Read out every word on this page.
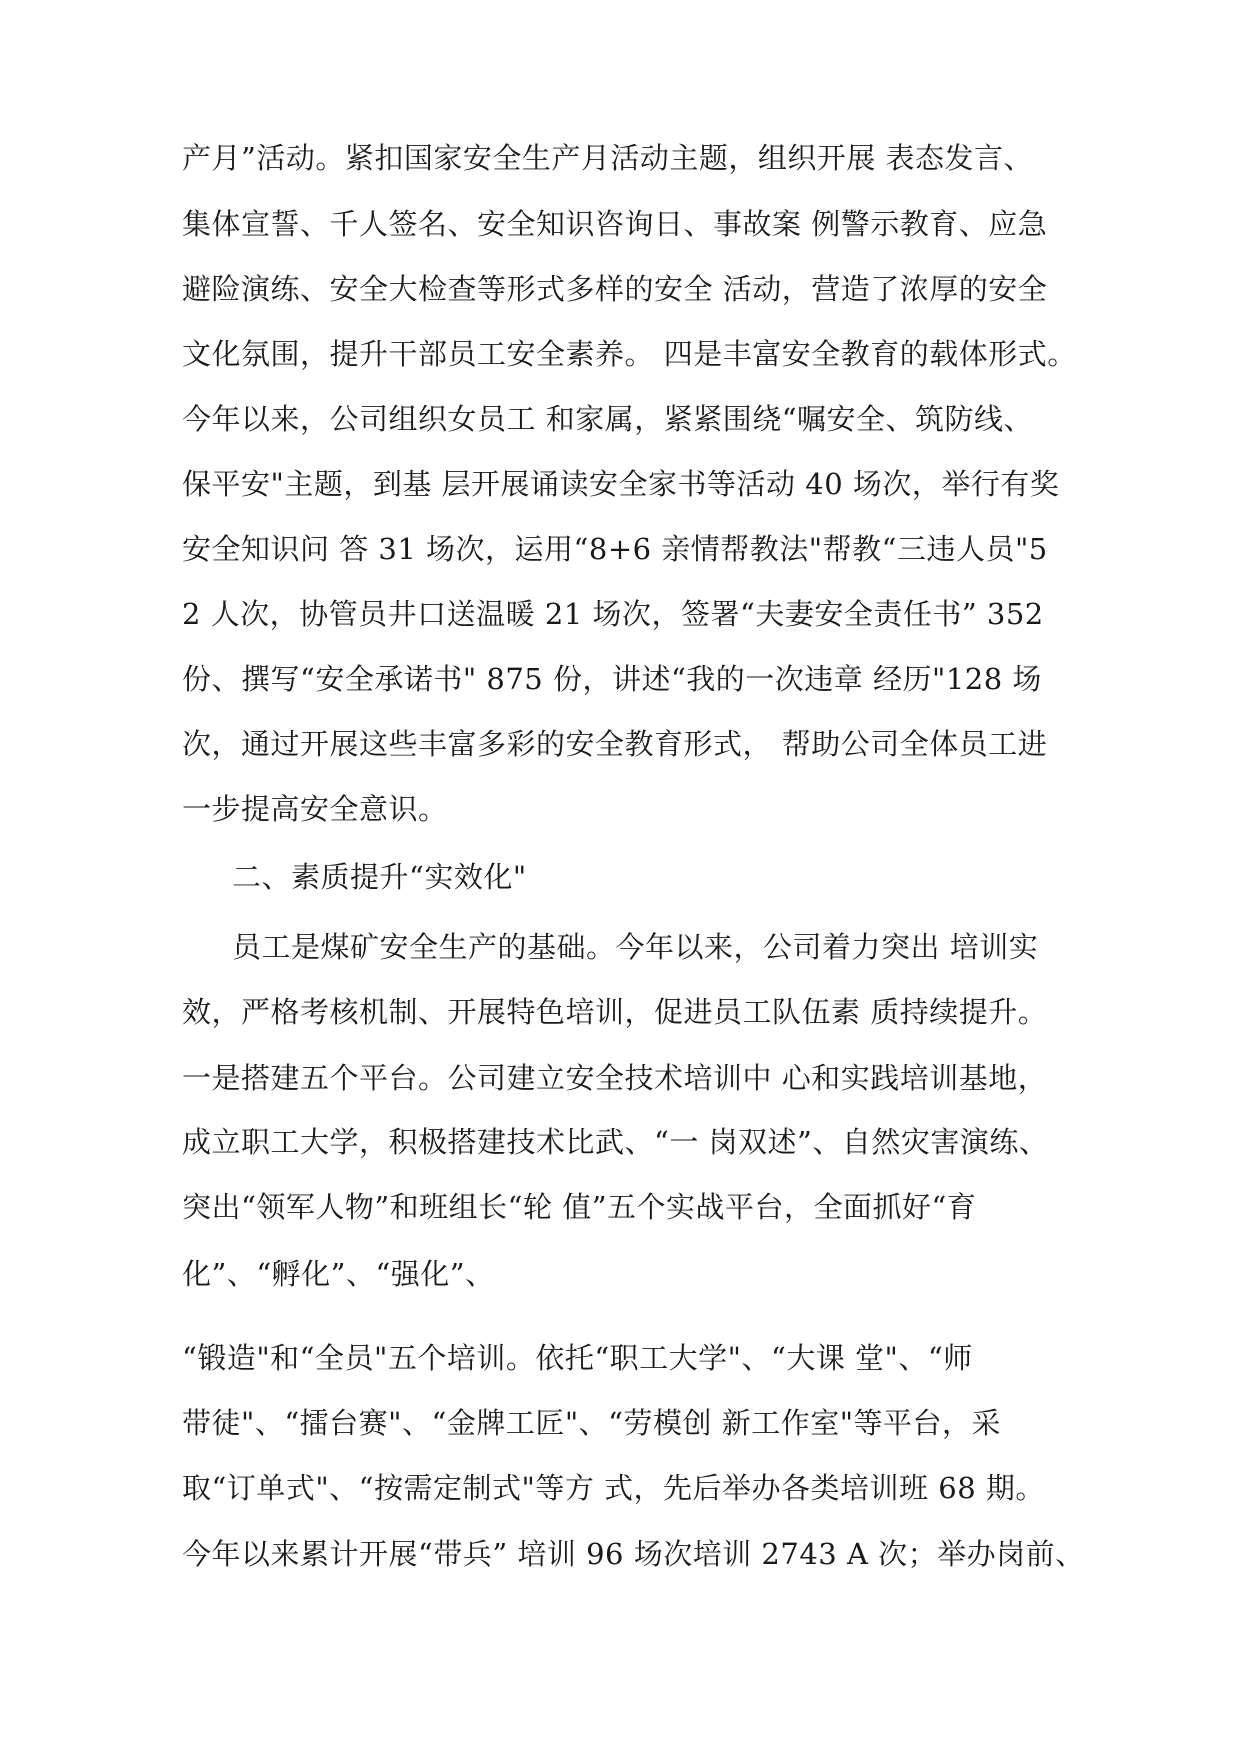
产月”活动。紧扣国家安全生产月活动主题，组织开展 表态发言、

集体宣誓、千人签名、安全知识咨询日、事故案 例警示教育、应急

避险演练、安全大检查等形式多样的安全 活动，营造了浓厚的安全

文化氛围，提升干部员工安全素养。 四是丰富安全教育的载体形式。

今年以来，公司组织女员工 和家属，紧紧围绕“嘱安全、筑防线、

保平安"主题，到基 层开展诵读安全家书等活动 40 场次，举行有奖

安全知识问 答 31 场次，运用“8+6 亲情帮教法"帮教“三违人员"5

2 人次，协管员井口送温暖 21 场次，签署“夫妻安全责任书” 352

份、撰写“安全承诺书" 875 份，讲述“我的一次违章 经历"128 场

次，通过开展这些丰富多彩的安全教育形式， 帮助公司全体员工进

一步提高安全意识。

二、素质提升“实效化"

员工是煤矿安全生产的基础。今年以来，公司着力突出 培训实

效，严格考核机制、开展特色培训，促进员工队伍素 质持续提升。

一是搭建五个平台。公司建立安全技术培训中 心和实践培训基地，

成立职工大学，积极搭建技术比武、“一 岗双述”、自然灾害演练、

突出“领军人物”和班组长“轮 值”五个实战平台，全面抓好“育

化”、“孵化”、“强化”、

“锻造"和“全员"五个培训。依托“职工大学"、“大课 堂"、“师

带徒"、“擂台赛"、“金牌工匠"、“劳模创 新工作室"等平台，采

取“订单式"、“按需定制式"等方 式，先后举办各类培训班 68 期。

今年以来累计开展“带兵” 培训 96 场次培训 2743 A 次；举办岗前、
